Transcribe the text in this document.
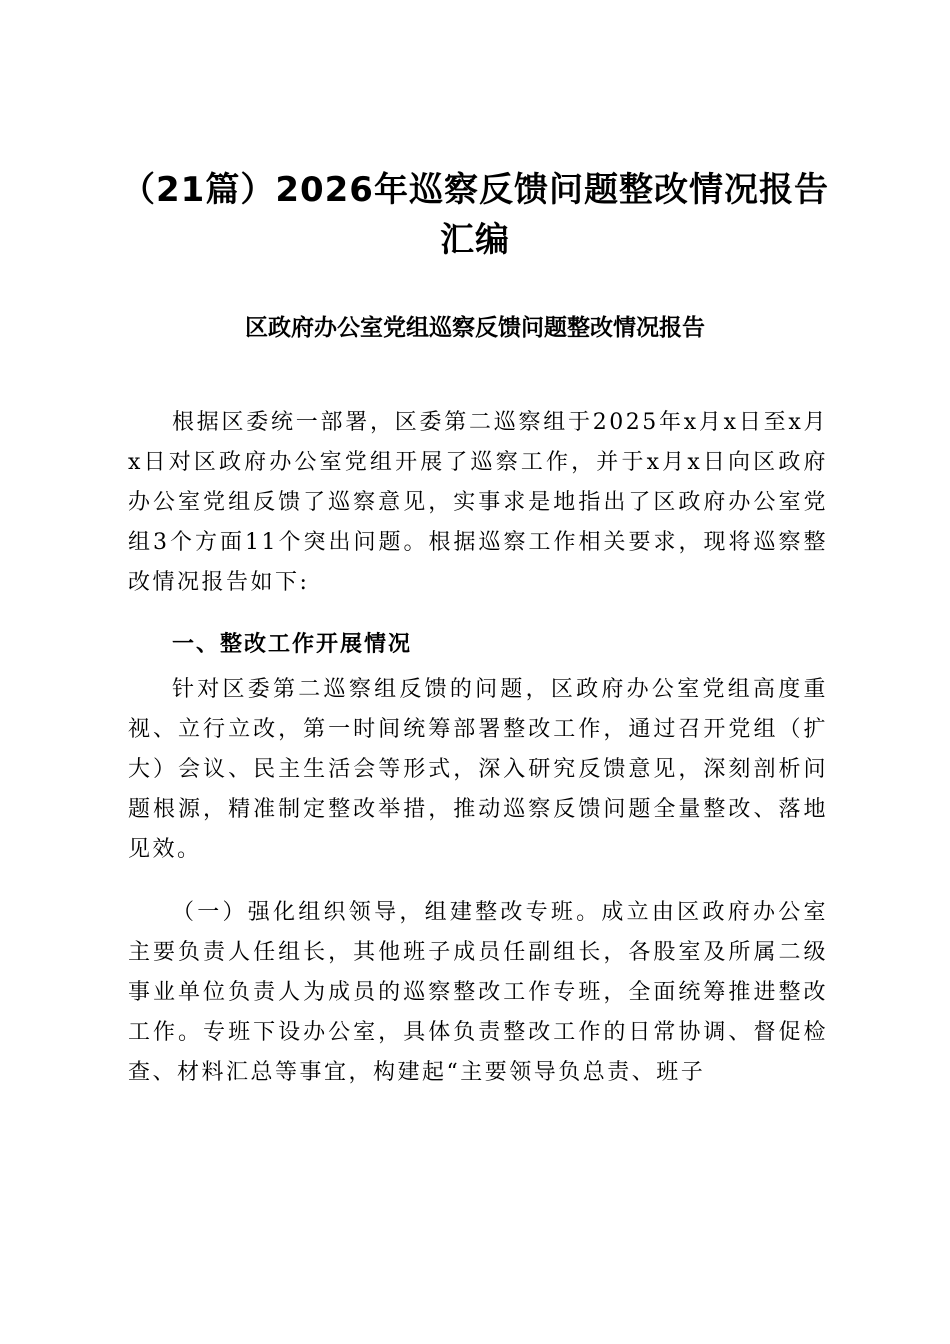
（21篇）2026年巡察反馈问题整改情况报告汇编
区政府办公室党组巡察反馈问题整改情况报告

根据区委统一部署，区委第二巡察组于2025年x月x日至x月x日对区政府办公室党组开展了巡察工作，并于x月x日向区政府办公室党组反馈了巡察意见，实事求是地指出了区政府办公室党组3个方面11个突出问题。根据巡察工作相关要求，现将巡察整改情况报告如下:

一、整改工作开展情况

针对区委第二巡察组反馈的问题，区政府办公室党组高度重视、立行立改，第一时间统筹部署整改工作，通过召开党组（扩大）会议、民主生活会等形式，深入研究反馈意见，深刻剖析问题根源，精准制定整改举措，推动巡察反馈问题全量整改、落地见效。

（一）强化组织领导，组建整改专班。成立由区政府办公室主要负责人任组长，其他班子成员任副组长，各股室及所属二级事业单位负责人为成员的巡察整改工作专班，全面统筹推进整改工作。专班下设办公室，具体负责整改工作的日常协调、督促检查、材料汇总等事宜，构建起“主要领导负总责、班子
